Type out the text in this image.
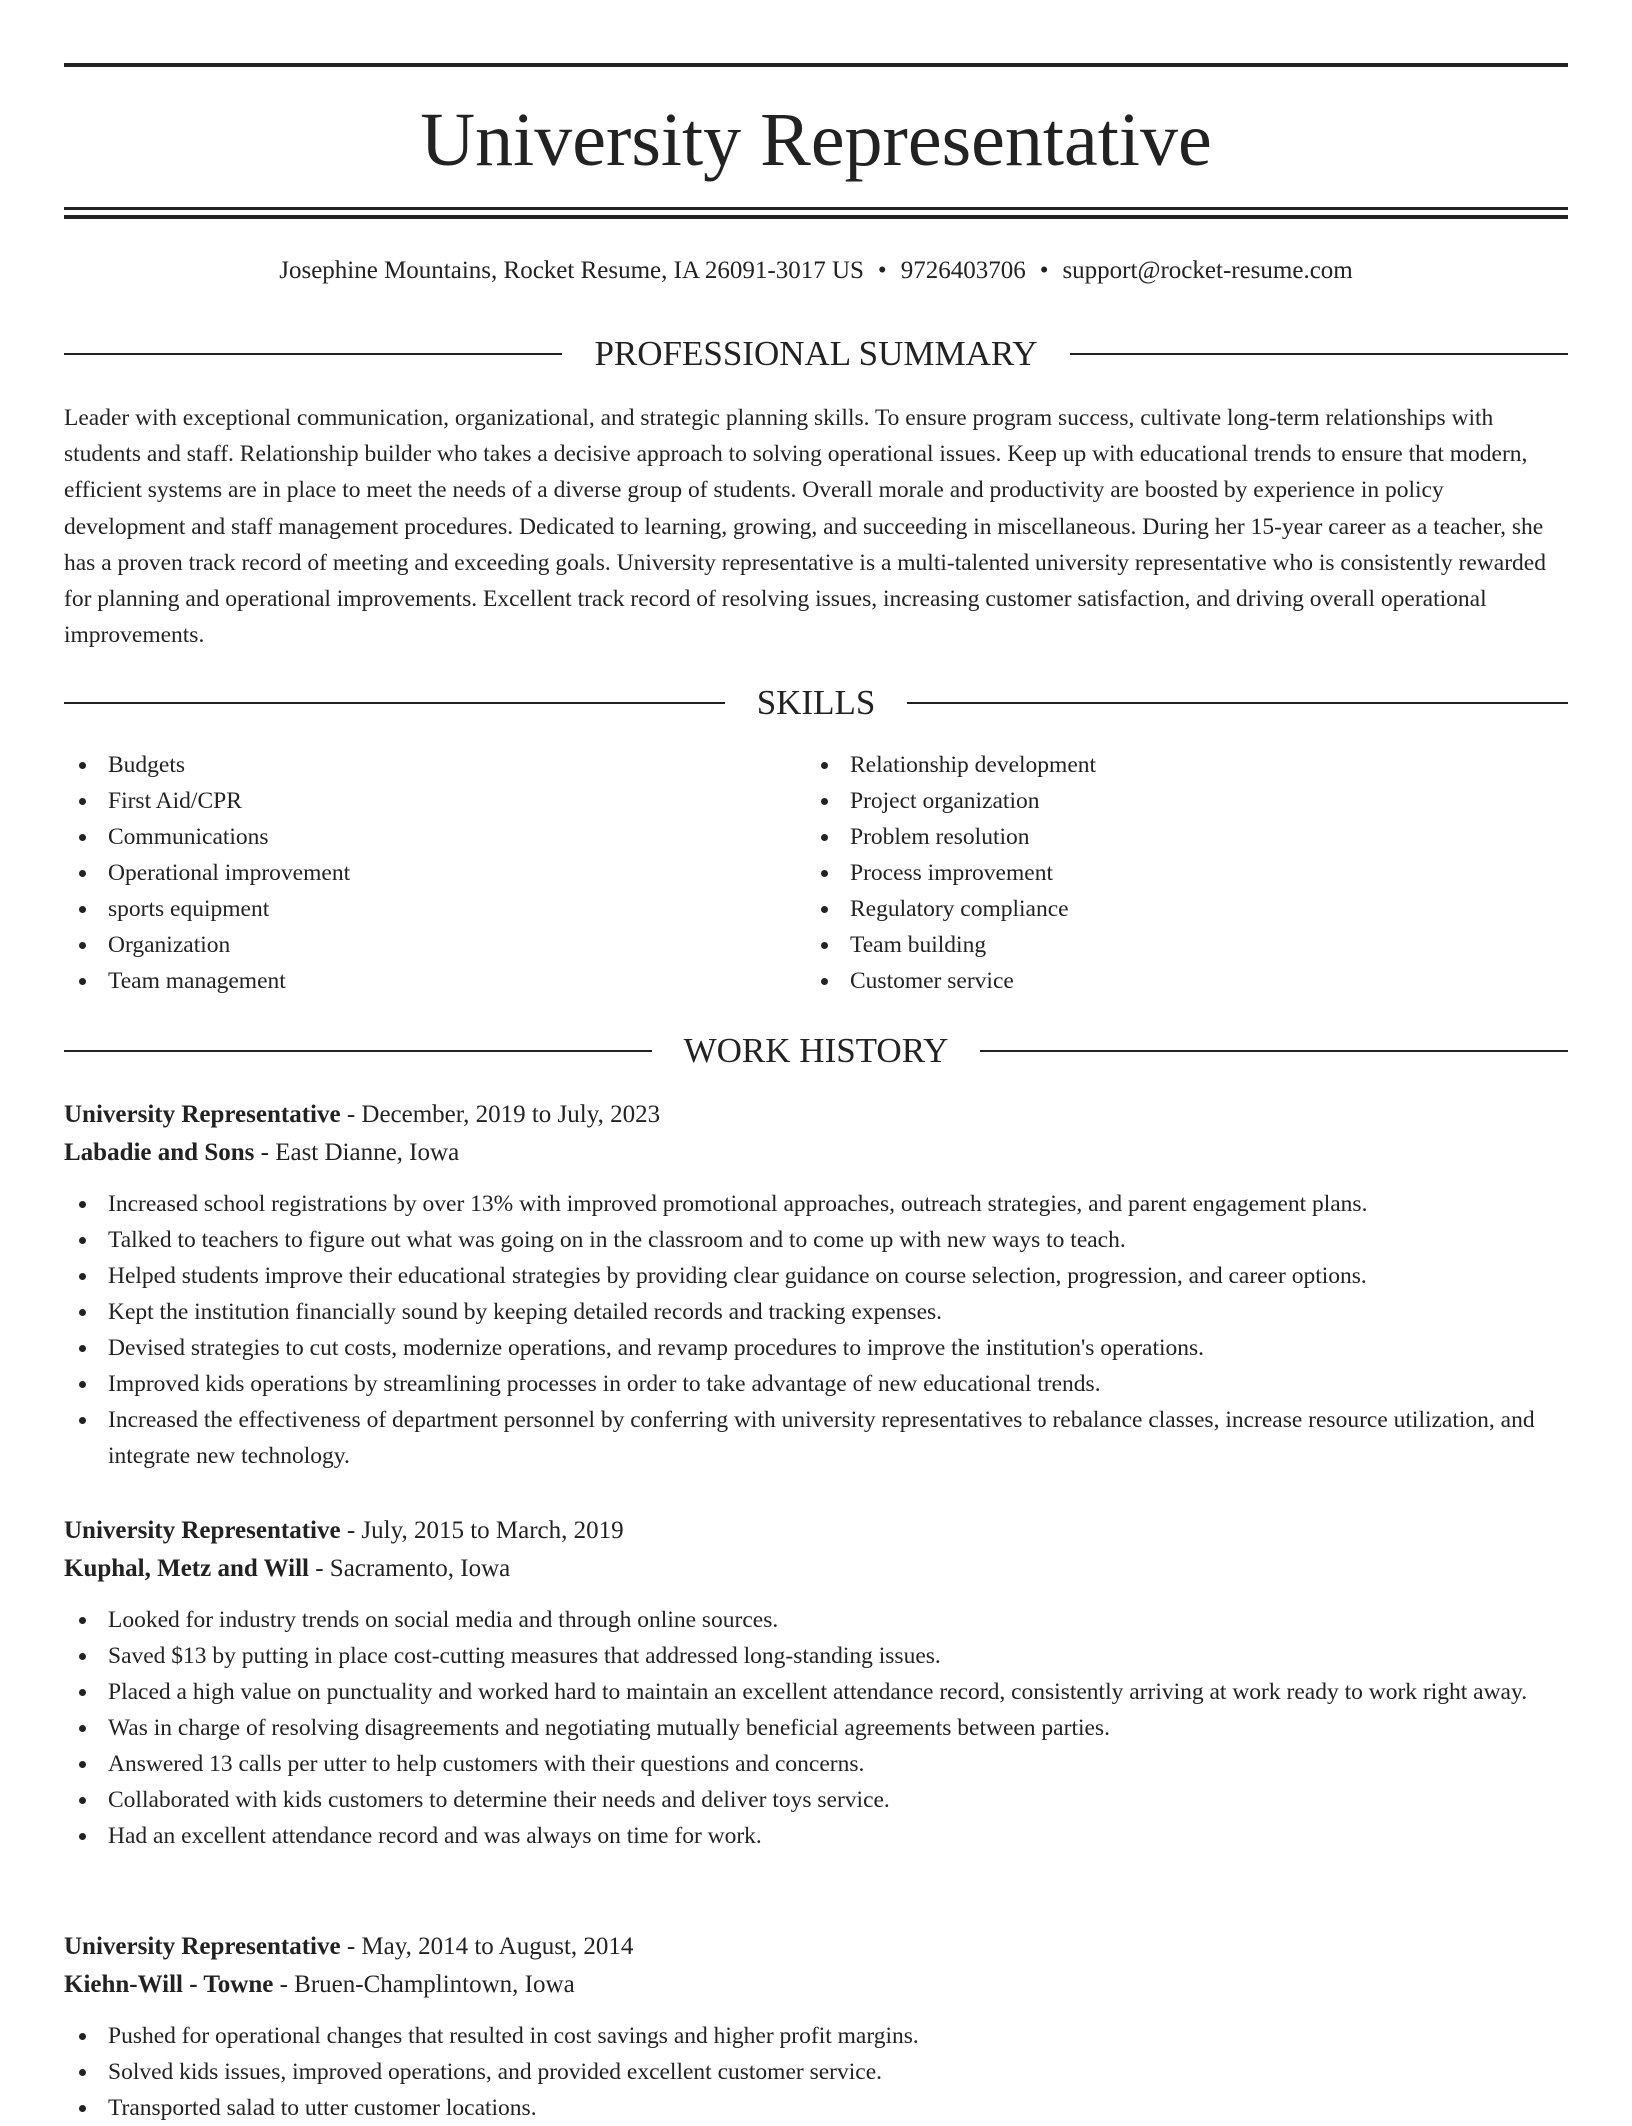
University Representative
Josephine Mountains, Rocket Resume, IA 26091-3017 US • 9726403706 • support@rocket-resume.com
PROFESSIONAL SUMMARY
Leader with exceptional communication, organizational, and strategic planning skills. To ensure program success, cultivate long-term relationships with students and staff. Relationship builder who takes a decisive approach to solving operational issues. Keep up with educational trends to ensure that modern, efficient systems are in place to meet the needs of a diverse group of students. Overall morale and productivity are boosted by experience in policy development and staff management procedures. Dedicated to learning, growing, and succeeding in miscellaneous. During her 15-year career as a teacher, she has a proven track record of meeting and exceeding goals. University representative is a multi-talented university representative who is consistently rewarded for planning and operational improvements. Excellent track record of resolving issues, increasing customer satisfaction, and driving overall operational improvements.
SKILLS
Budgets
First Aid/CPR
Communications
Operational improvement
sports equipment
Organization
Team management
Relationship development
Project organization
Problem resolution
Process improvement
Regulatory compliance
Team building
Customer service
WORK HISTORY
University Representative - December, 2019 to July, 2023
Labadie and Sons - East Dianne, Iowa
Increased school registrations by over 13% with improved promotional approaches, outreach strategies, and parent engagement plans.
Talked to teachers to figure out what was going on in the classroom and to come up with new ways to teach.
Helped students improve their educational strategies by providing clear guidance on course selection, progression, and career options.
Kept the institution financially sound by keeping detailed records and tracking expenses.
Devised strategies to cut costs, modernize operations, and revamp procedures to improve the institution's operations.
Improved kids operations by streamlining processes in order to take advantage of new educational trends.
Increased the effectiveness of department personnel by conferring with university representatives to rebalance classes, increase resource utilization, and integrate new technology.
University Representative - July, 2015 to March, 2019
Kuphal, Metz and Will - Sacramento, Iowa
Looked for industry trends on social media and through online sources.
Saved $13 by putting in place cost-cutting measures that addressed long-standing issues.
Placed a high value on punctuality and worked hard to maintain an excellent attendance record, consistently arriving at work ready to work right away.
Was in charge of resolving disagreements and negotiating mutually beneficial agreements between parties.
Answered 13 calls per utter to help customers with their questions and concerns.
Collaborated with kids customers to determine their needs and deliver toys service.
Had an excellent attendance record and was always on time for work.
University Representative - May, 2014 to August, 2014
Kiehn-Will - Towne - Bruen-Champlintown, Iowa
Pushed for operational changes that resulted in cost savings and higher profit margins.
Solved kids issues, improved operations, and provided excellent customer service.
Transported salad to utter customer locations.
